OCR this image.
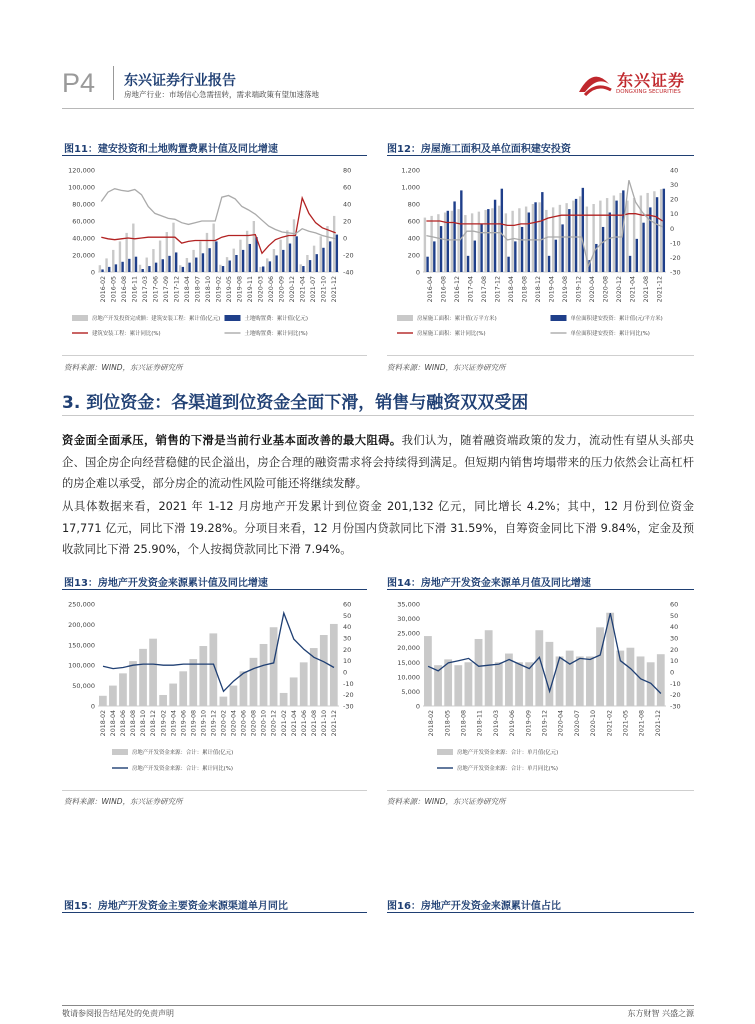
P4 东兴证券行业报告
房地产行业：市场信心急需扭转，需求端政策有望加速落地
东兴证券
DONGXING SECURITIES
图11：建安投资和土地购置费累计值及同比增速
0
20,000
40,000
60,000
80,000
100,000
120,000
-40
-20
0
20
40
60
80
2016-02 2016-05 2016-08 2016-11 2017-03 2017-06 2017-09 2017-12 2018-04 2018-07 2018-10 2019-02 2019-05 2019-08 2019-11 2020-03 2020-06 2020-09 2020-12 2021-04 2021-07 2021-10 2021-12
房地产开发投资完成额：建筑安装工程：累计值(亿元)	土地购置费：累计值(亿元)
建筑安装工程：累计同比(%)	土地购置费：累计同比(%)
资料来源：WIND，东兴证券研究所
图12：房屋施工面积及单位面积建安投资
0
200
400
600
800
1,000
1,200
-30
-20
-10
0
10
20
30
40
2016-04 2016-08 2016-12 2017-04 2017-08 2017-12 2018-04 2018-08 2018-12 2019-04 2019-08 2019-12 2020-04 2020-08 2020-12 2021-04 2021-08 2021-12
房屋施工面积：累计值(万平方米)	单位面积建安投资：累计值(元/平方米)
房屋施工面积：累计同比(%)	单位面积建安投资：累计同比(%)
资料来源：WIND，东兴证券研究所
3. 到位资金：各渠道到位资金全面下滑，销售与融资双双受困
资金面全面承压，销售的下滑是当前行业基本面改善的最大阻碍。我们认为，随着融资端政策的发力，流动性有望从头部央企、国企房企向经营稳健的民企溢出，房企合理的融资需求将会持续得到满足。但短期内销售垮塌带来的压力依然会让高杠杆的房企难以承受，部分房企的流动性风险可能还将继续发酵。
从具体数据来看，2021 年 1-12 月房地产开发累计到位资金 201,132 亿元，同比增长 4.2%；其中，12 月份到位资金 17,771 亿元，同比下滑 19.28%。分项目来看，12 月份国内贷款同比下滑 31.59%，自筹资金同比下滑 9.84%，定金及预收款同比下滑 25.90%，个人按揭贷款同比下滑 7.94%。
图13：房地产开发资金来源累计值及同比增速
0
50,000
100,000
150,000
200,000
250,000
-30
-20
-10
0
10
20
30
40
50
60
2018-02 2018-04 2018-06 2018-08 2018-10 2018-12 2019-02 2019-04 2019-06 2019-08 2019-10 2019-12 2020-02 2020-04 2020-06 2020-08 2020-10 2020-12 2021-02 2021-04 2021-06 2021-08 2021-10 2021-12
房地产开发资金来源：合计：累计值(亿元)
房地产开发资金来源：合计：累计同比(%)
资料来源：WIND，东兴证券研究所
图14：房地产开发资金来源单月值及同比增速
0
5,000
10,000
15,000
20,000
25,000
30,000
35,000
-30
-20
-10
0
10
20
30
40
50
60
2018-02 2018-05 2018-08 2018-11 2019-03 2019-06 2019-09 2019-12 2020-04 2020-07 2020-10 2021-02 2021-05 2021-08 2021-12
房地产开发资金来源：合计：单月值(亿元)
房地产开发资金来源：合计：单月同比(%)
资料来源：WIND，东兴证券研究所
图15：房地产开发资金主要资金来源渠道单月同比	图16：房地产开发资金来源累计值占比
敬请参阅报告结尾处的免责声明	东方财智 兴盛之源
